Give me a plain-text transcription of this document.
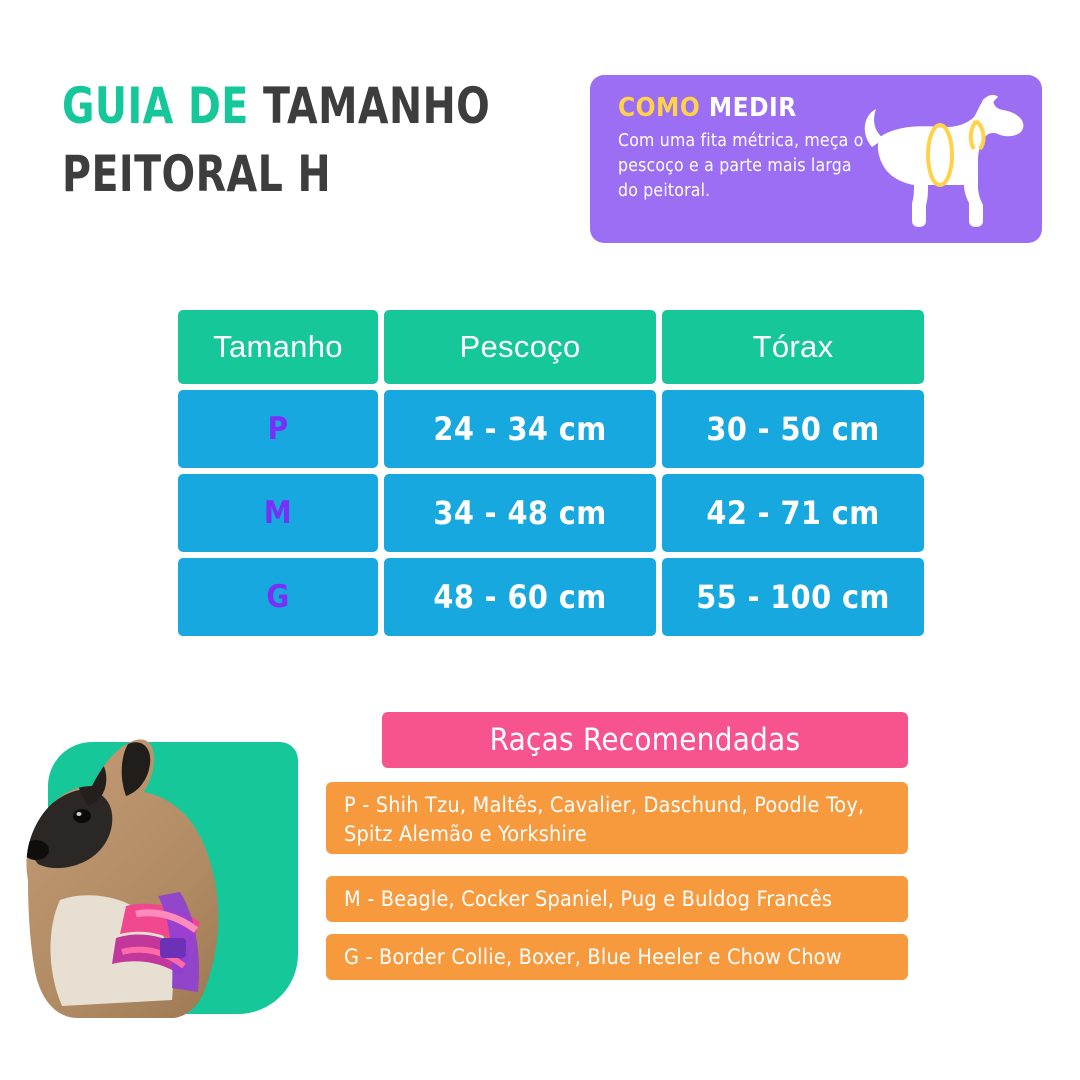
GUIA DE TAMANHO
PEITORAL H
COMO MEDIR
Com uma fita métrica, meça o pescoço e a parte mais larga do peitoral.
Tamanho	Pescoço	Tórax
P	24 - 34 cm	30 - 50 cm
M	34 - 48 cm	42 - 71 cm
G	48 - 60 cm	55 - 100 cm
Raças Recomendadas
P - Shih Tzu, Maltês, Cavalier, Daschund, Poodle Toy, Spitz Alemão e Yorkshire
M - Beagle, Cocker Spaniel, Pug e Buldog Francês
G - Border Collie, Boxer, Blue Heeler e Chow Chow
